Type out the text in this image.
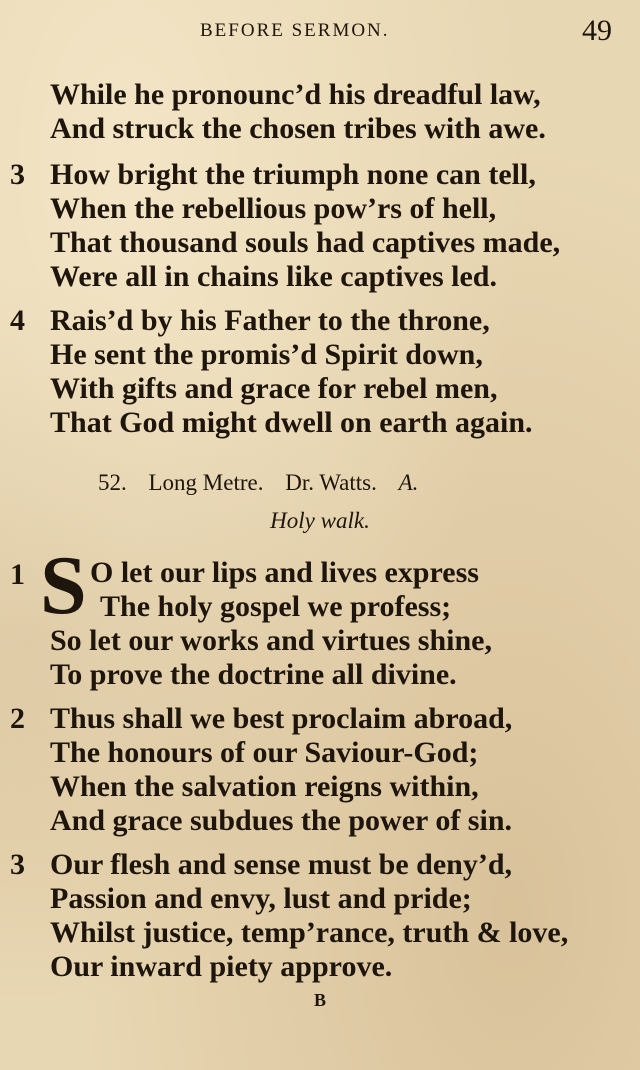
BEFORE SERMON.	49
While he pronounc’d his dreadful law,
And struck the chosen tribes with awe.
3 How bright the triumph none can tell,
When the rebellious pow’rs of hell,
That thousand souls had captives made,
Were all in chains like captives led.
4 Rais’d by his Father to the throne,
He sent the promis’d Spirit down,
With gifts and grace for rebel men,
That God might dwell on earth again.
52. Long Metre. Dr. Watts. A.
Holy walk.
1 S O let our lips and lives express
The holy gospel we profess;
So let our works and virtues shine,
To prove the doctrine all divine.
2 Thus shall we best proclaim abroad,
The honours of our Saviour-God;
When the salvation reigns within,
And grace subdues the power of sin.
3 Our flesh and sense must be deny’d,
Passion and envy, lust and pride;
Whilst justice, temp’rance, truth & love,
Our inward piety approve.
B
